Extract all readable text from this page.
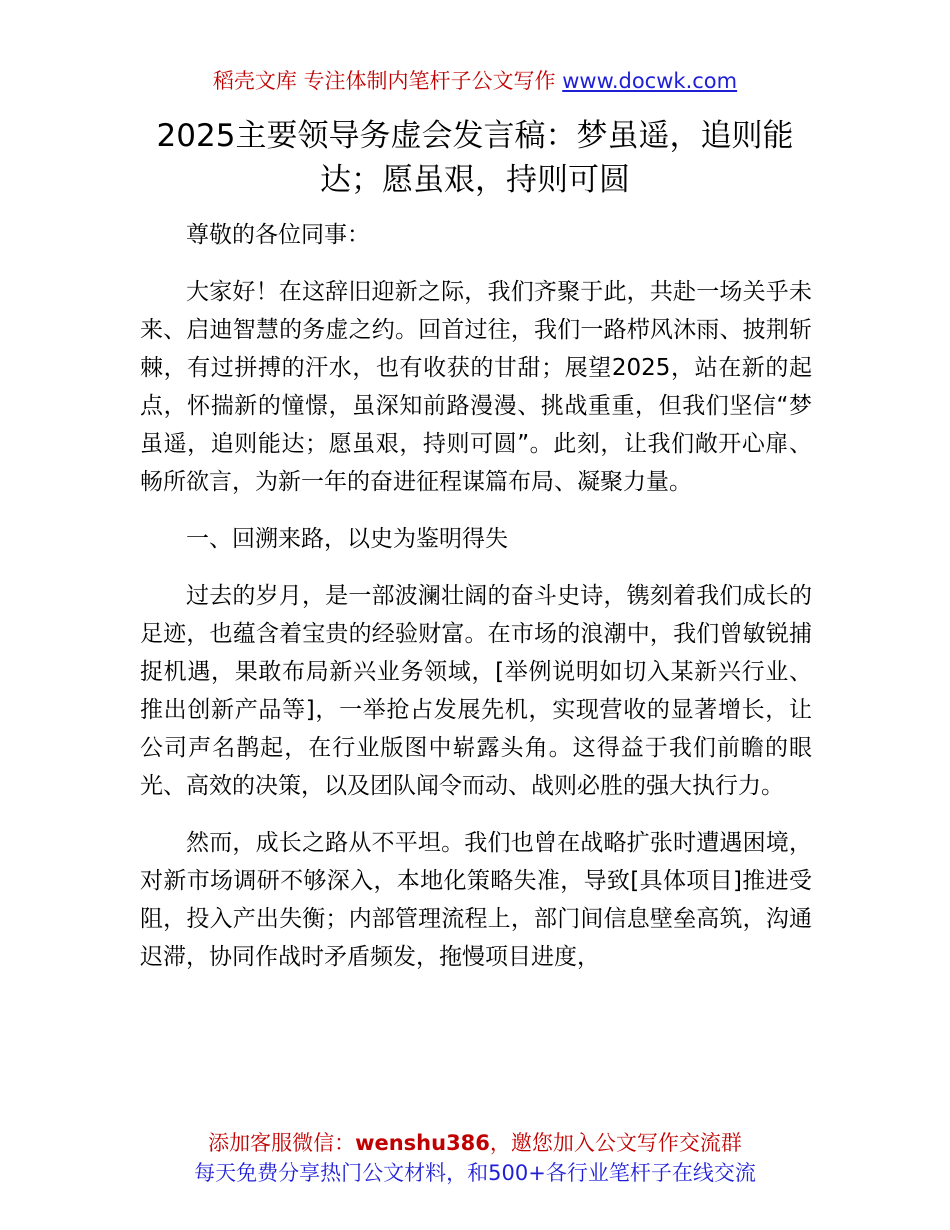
稻壳文库 专注体制内笔杆子公文写作 www.docwk.com
2025主要领导务虚会发言稿：梦虽遥，追则能达；愿虽艰，持则可圆

尊敬的各位同事：

大家好！在这辞旧迎新之际，我们齐聚于此，共赴一场关乎未来、启迪智慧的务虚之约。回首过往，我们一路栉风沐雨、披荆斩棘，有过拼搏的汗水，也有收获的甘甜；展望2025，站在新的起点，怀揣新的憧憬，虽深知前路漫漫、挑战重重，但我们坚信“梦虽遥，追则能达；愿虽艰，持则可圆”。此刻，让我们敞开心扉、畅所欲言，为新一年的奋进征程谋篇布局、凝聚力量。

一、回溯来路，以史为鉴明得失

过去的岁月，是一部波澜壮阔的奋斗史诗，镌刻着我们成长的足迹，也蕴含着宝贵的经验财富。在市场的浪潮中，我们曾敏锐捕捉机遇，果敢布局新兴业务领域，[举例说明如切入某新兴行业、推出创新产品等]，一举抢占发展先机，实现营收的显著增长，让公司声名鹊起，在行业版图中崭露头角。这得益于我们前瞻的眼光、高效的决策，以及团队闻令而动、战则必胜的强大执行力。

然而，成长之路从不平坦。我们也曾在战略扩张时遭遇困境，对新市场调研不够深入，本地化策略失准，导致[具体项目]推进受阻，投入产出失衡；内部管理流程上，部门间信息壁垒高筑，沟通迟滞，协同作战时矛盾频发，拖慢项目进度，

添加客服微信：wenshu386，邀您加入公文写作交流群
每天免费分享热门公文材料，和500+各行业笔杆子在线交流
